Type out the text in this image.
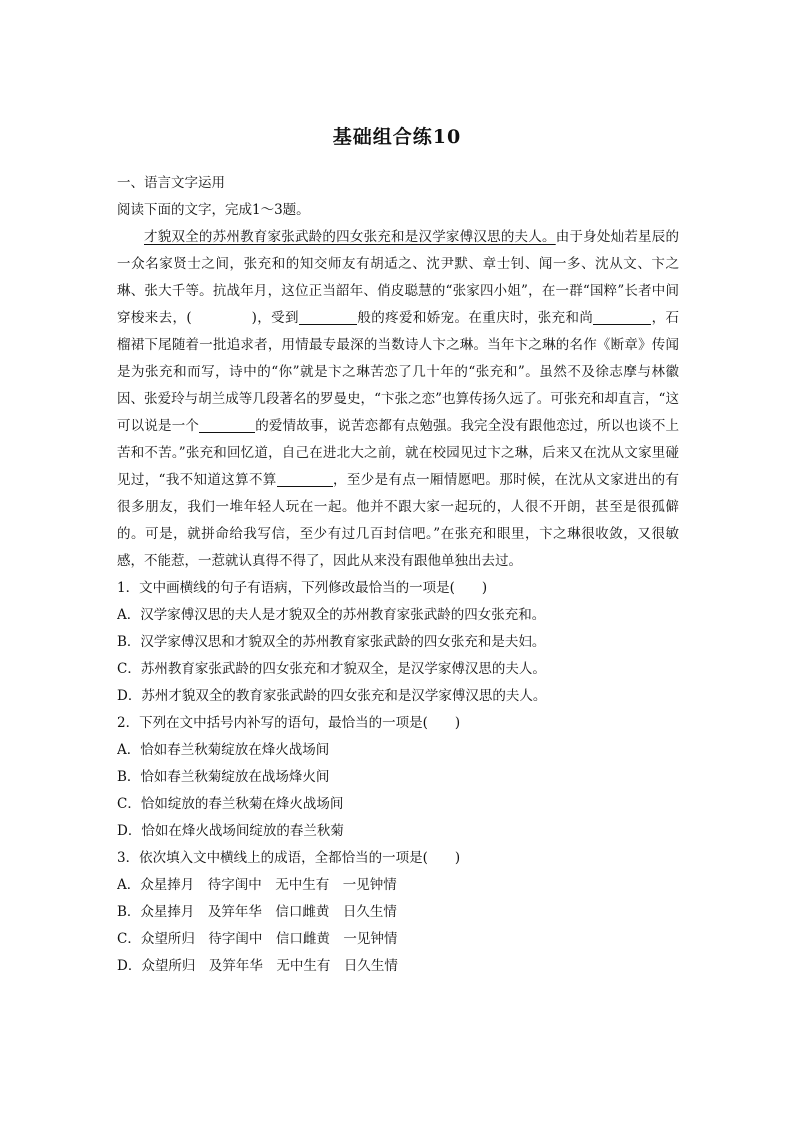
基础组合练10
一、语言文字运用
阅读下面的文字，完成1～3题。

才貌双全的苏州教育家张武龄的四女张充和是汉学家傅汉思的夫人。由于身处灿若星辰的一众名家贤士之间，张充和的知交师友有胡适之、沈尹默、章士钊、闻一多、沈从文、卞之琳、张大千等。抗战年月，这位正当韶年、俏皮聪慧的“张家四小姐”，在一群“国粹”长者中间穿梭来去，(	)，受到	般的疼爱和娇宠。在重庆时，张充和尚	，石榴裙下尾随着一批追求者，用情最专最深的当数诗人卞之琳。当年卞之琳的名作《断章》传闻是为张充和而写，诗中的“你”就是卞之琳苦恋了几十年的“张充和”。虽然不及徐志摩与林徽因、张爱玲与胡兰成等几段著名的罗曼史，“卞张之恋”也算传扬久远了。可张充和却直言，“这可以说是一个	的爱情故事，说苦恋都有点勉强。我完全没有跟他恋过，所以也谈不上苦和不苦。”张充和回忆道，自己在进北大之前，就在校园见过卞之琳，后来又在沈从文家里碰见过，“我不知道这算不算	，至少是有点一厢情愿吧。那时候，在沈从文家进出的有很多朋友，我们一堆年轻人玩在一起。他并不跟大家一起玩的，人很不开朗，甚至是很孤僻的。可是，就拼命给我写信，至少有过几百封信吧。”在张充和眼里，卞之琳很收敛，又很敏感，不能惹，一惹就认真得不得了，因此从来没有跟他单独出去过。

1．文中画横线的句子有语病，下列修改最恰当的一项是(　　)
A．汉学家傅汉思的夫人是才貌双全的苏州教育家张武龄的四女张充和。
B．汉学家傅汉思和才貌双全的苏州教育家张武龄的四女张充和是夫妇。
C．苏州教育家张武龄的四女张充和才貌双全，是汉学家傅汉思的夫人。
D．苏州才貌双全的教育家张武龄的四女张充和是汉学家傅汉思的夫人。
2．下列在文中括号内补写的语句，最恰当的一项是(　　)
A．恰如春兰秋菊绽放在烽火战场间
B．恰如春兰秋菊绽放在战场烽火间
C．恰如绽放的春兰秋菊在烽火战场间
D．恰如在烽火战场间绽放的春兰秋菊
3．依次填入文中横线上的成语，全都恰当的一项是(　　)
A．众星捧月　待字闺中　无中生有　一见钟情
B．众星捧月　及笄年华　信口雌黄　日久生情
C．众望所归　待字闺中　信口雌黄　一见钟情
D．众望所归　及笄年华　无中生有　日久生情
